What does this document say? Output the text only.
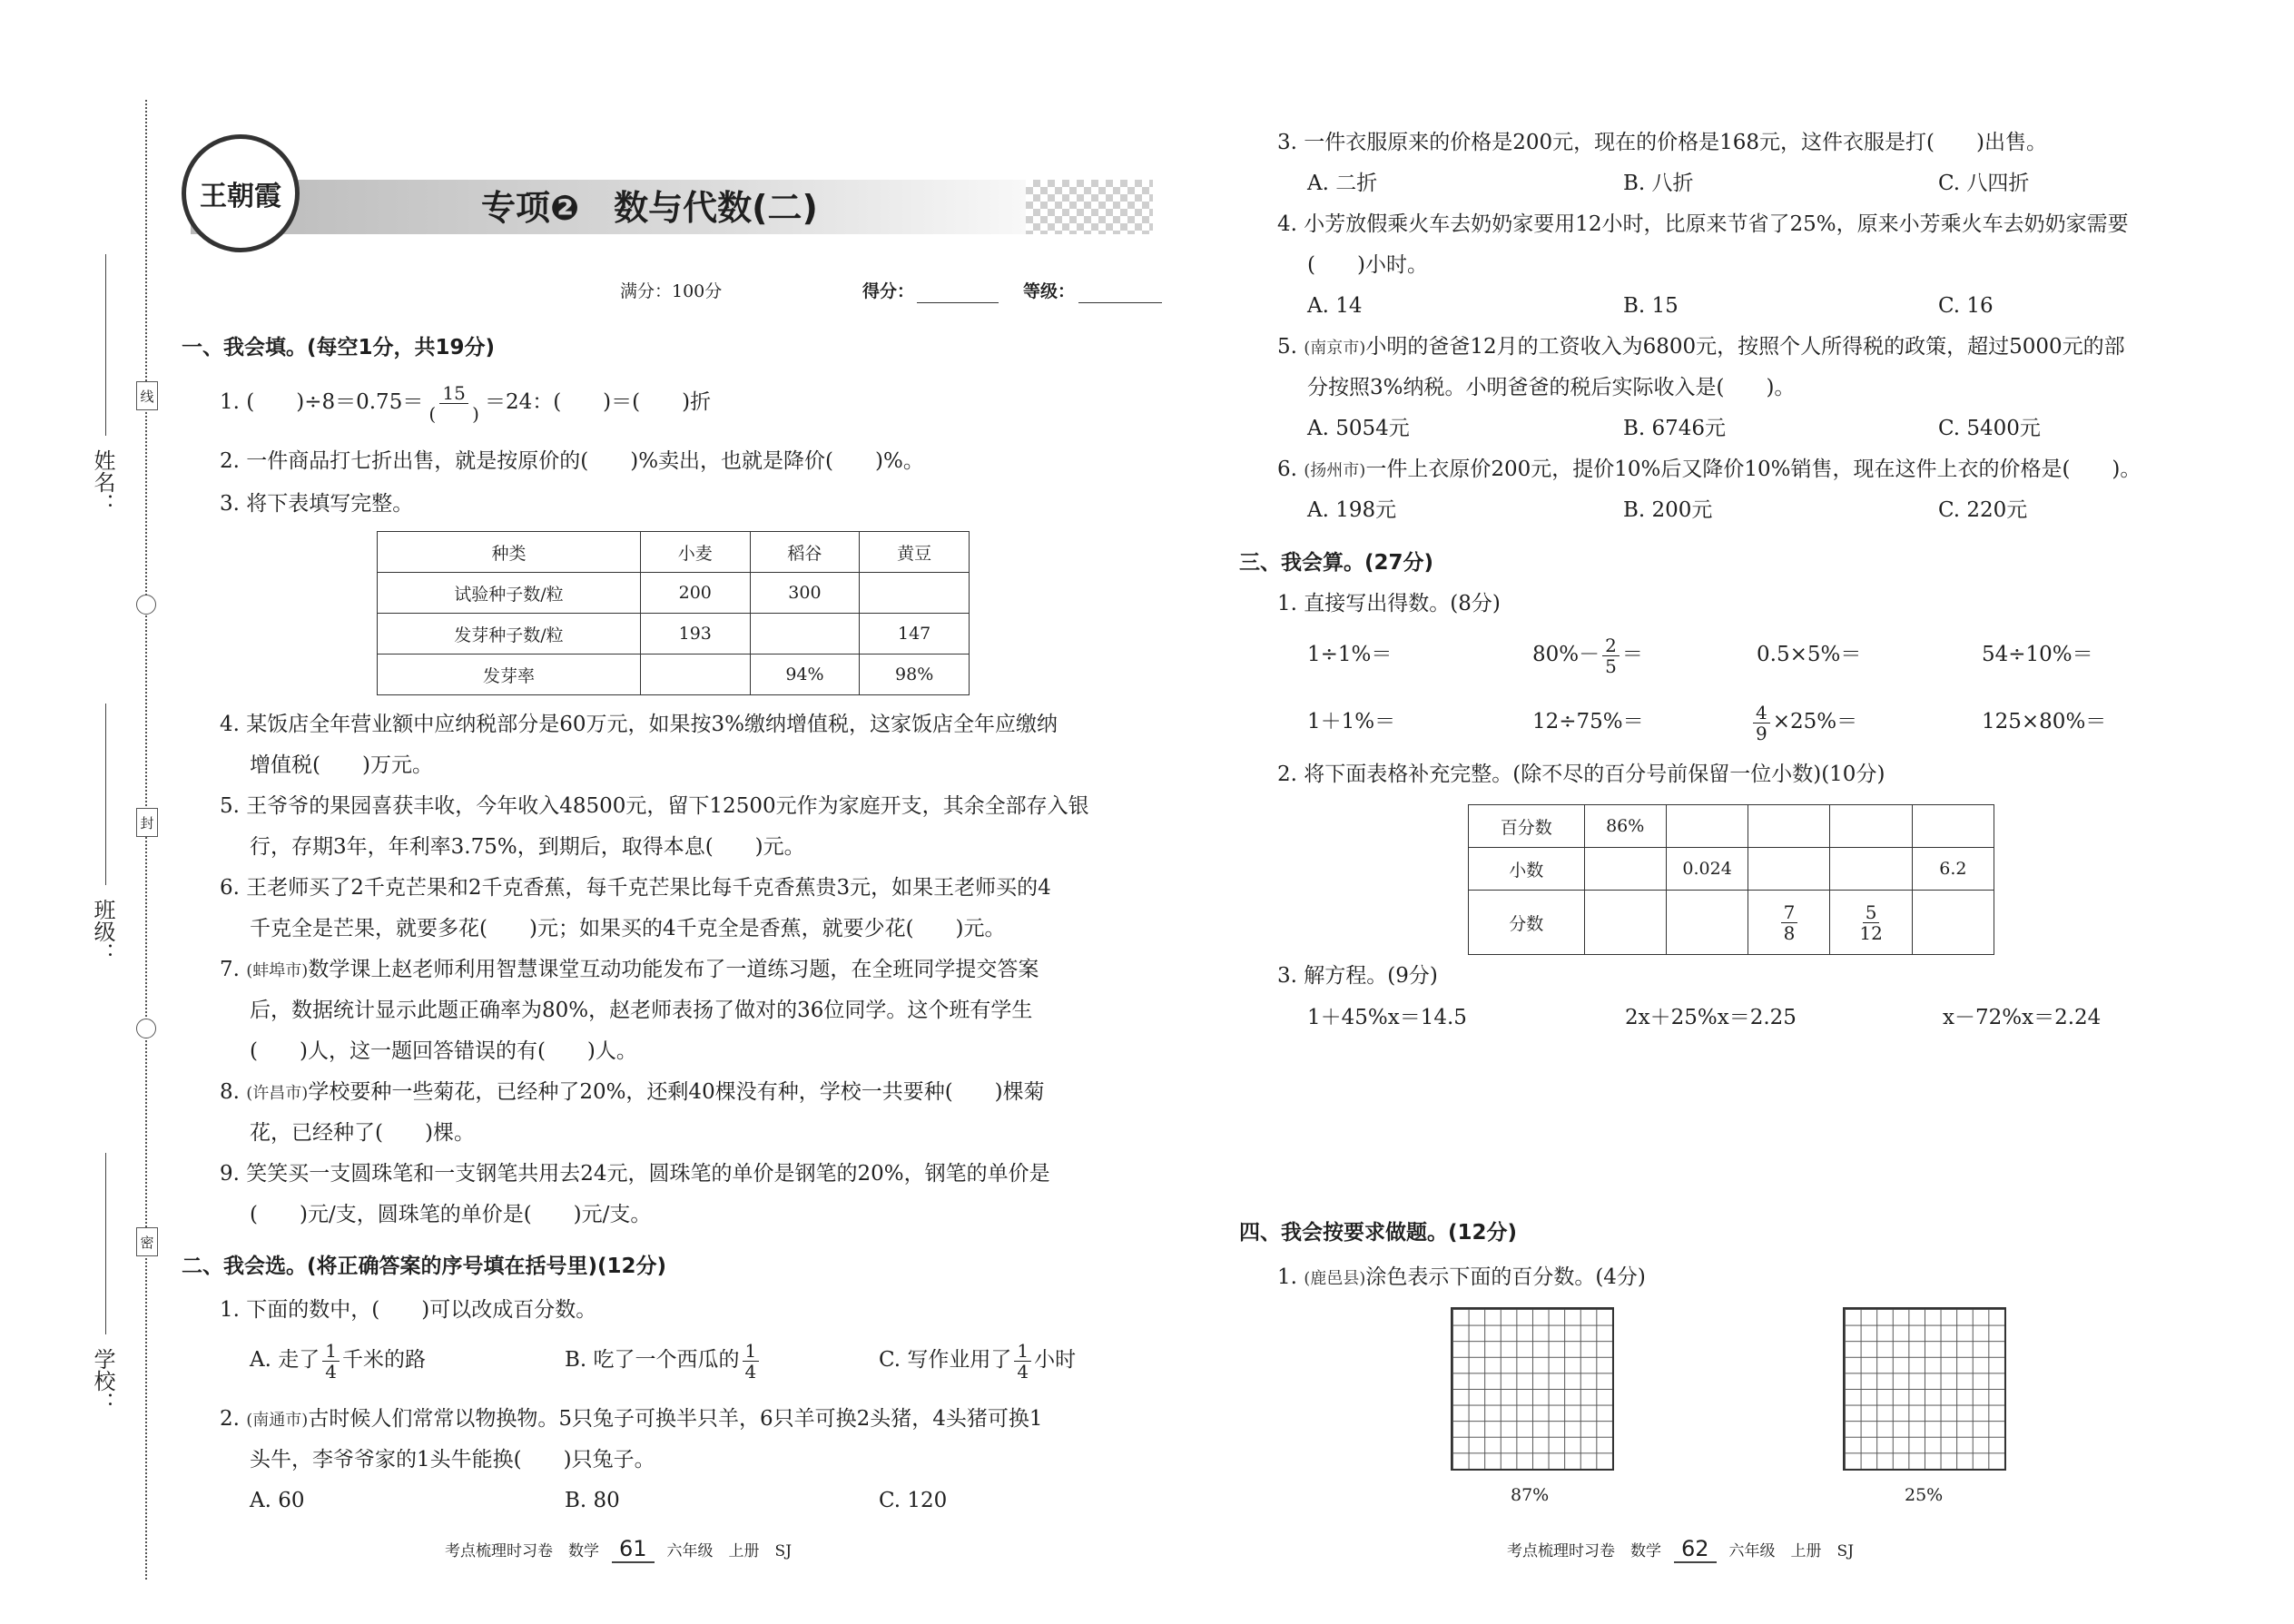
姓名：
班级：
学校：
线
封
密
王朝霞	专项❷　数与代数(二)
满分：100分	得分：	等级：
一、我会填。(每空1分，共19分)
1. (　　)$\div 8=0.75= \frac{15}{( )} =24$：(　　)＝(　　)折
2. 一件商品打七折出售，就是按原价的(　　)%卖出，也就是降价(　　)%。
3. 将下表填写完整。
种类	小麦	稻谷	黄豆
试验种子数/粒	200	300	
发芽种子数/粒	193		147
发芽率		94%	98%
4. 某饭店全年营业额中应纳税部分是60万元，如果按3%缴纳增值税，这家饭店全年应缴纳
增值税(　　)万元。
5. 王爷爷的果园喜获丰收，今年收入48500元，留下12500元作为家庭开支，其余全部存入银
行，存期3年，年利率3.75%，到期后，取得本息(　　)元。
6. 王老师买了2千克芒果和2千克香蕉，每千克芒果比每千克香蕉贵3元，如果王老师买的4
千克全是芒果，就要多花(　　)元；如果买的4千克全是香蕉，就要少花(　　)元。
7. (蚌埠市)数学课上赵老师利用智慧课堂互动功能发布了一道练习题，在全班同学提交答案
后，数据统计显示此题正确率为80%，赵老师表扬了做对的36位同学。这个班有学生
(　　)人，这一题回答错误的有(　　)人。
8. (许昌市)学校要种一些菊花，已经种了20%，还剩40棵没有种，学校一共要种(　　)棵菊
花，已经种了(　　)棵。
9. 笑笑买一支圆珠笔和一支钢笔共用去24元，圆珠笔的单价是钢笔的20%，钢笔的单价是
(　　)元/支，圆珠笔的单价是(　　)元/支。
二、我会选。(将正确答案的序号填在括号里)(12分)
1. 下面的数中，(　　)可以改成百分数。
A. 走了 $\frac{1}{4}$ 千米的路	B. 吃了一个西瓜的 $\frac{1}{4}$	C. 写作业用了 $\frac{1}{4}$ 小时
2. (南通市)古时候人们常常以物换物。5只兔子可换半只羊，6只羊可换2头猪，4头猪可换1
头牛，李爷爷家的1头牛能换(　　)只兔子。
A. 60	B. 80	C. 120
3. 一件衣服原来的价格是200元，现在的价格是168元，这件衣服是打(　　)出售。
A. 二折	B. 八折	C. 八四折
4. 小芳放假乘火车去奶奶家要用12小时，比原来节省了25%，原来小芳乘火车去奶奶家需要
(　　)小时。
A. 14	B. 15	C. 16
5. (南京市)小明的爸爸12月的工资收入为6800元，按照个人所得税的政策，超过5000元的部
分按照3%纳税。小明爸爸的税后实际收入是(　　)。
A. 5054元	B. 6746元	C. 5400元
6. (扬州市)一件上衣原价200元，提价10%后又降价10%销售，现在这件上衣的价格是(　　)。
A. 198元	B. 200元	C. 220元
三、我会算。(27分)
1. 直接写出得数。(8分)
1÷1%＝	$80\%- \frac{2}{5}$ ＝	0.5×5%＝	54÷10%＝
1＋1%＝	12÷75%＝	$\frac{4}{9} \times 25\%=$	125×80%＝
2. 将下面表格补充完整。(除不尽的百分号前保留一位小数)(10分)
百分数	86%				
小数		0.024			6.2
分数			$\frac{7}{8}$	$\frac{5}{12}$

3. 解方程。(9分)
1＋45%x＝14.5	2x＋25%x＝2.25	x－72%x＝2.24
四、我会按要求做题。(12分)
1. (鹿邑县)涂色表示下面的百分数。(4分)
87%	25%
考点梳理时习卷　数学 61 六年级　上册　SJ	考点梳理时习卷　数学 62 六年级　上册　SJ
